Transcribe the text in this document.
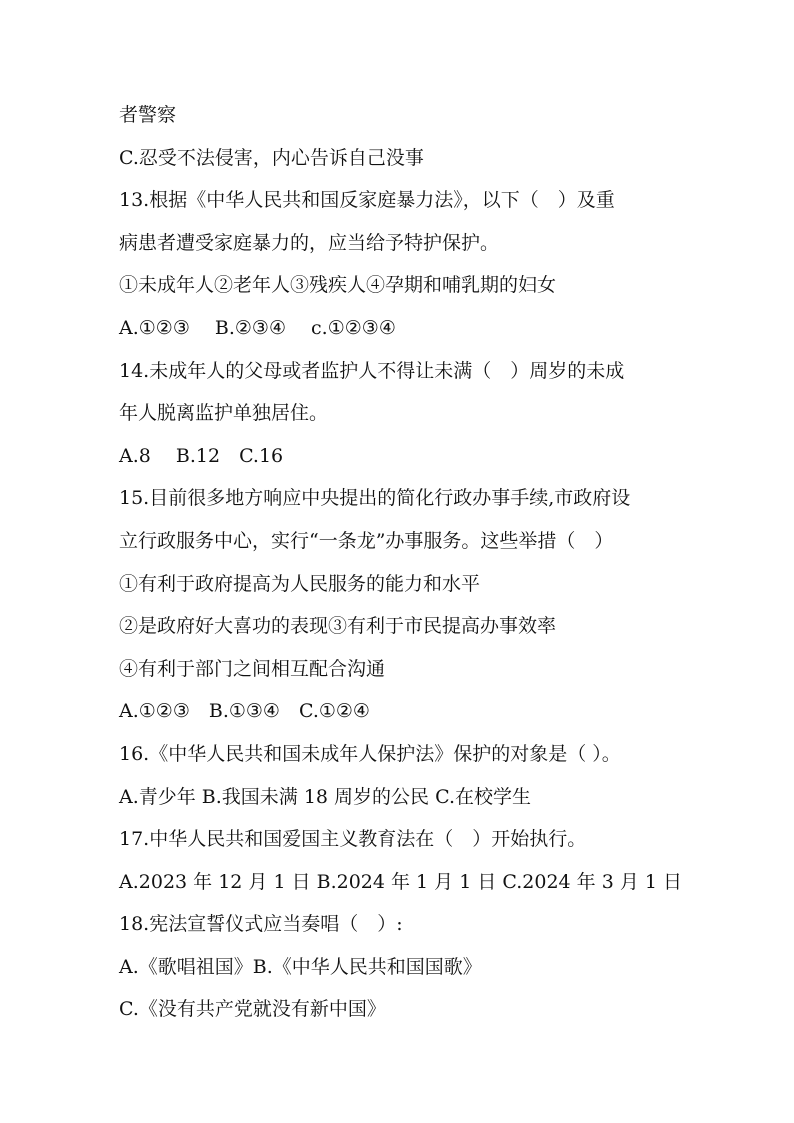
者警察
C.忍受不法侵害，内心告诉自己没事
13.根据《中华人民共和国反家庭暴力法》，以下（　）及重
病患者遭受家庭暴力的，应当给予特护保护。
①未成年人②老年人③残疾人④孕期和哺乳期的妇女
A.①②③　 B.②③④　 c.①②③④
14.未成年人的父母或者监护人不得让未满（　）周岁的未成
年人脱离监护单独居住。
A.8　 B.12　C.16
15.目前很多地方响应中央提出的简化行政办事手续,市政府设
立行政服务中心，实行“一条龙”办事服务。这些举措（　）
①有利于政府提高为人民服务的能力和水平
②是政府好大喜功的表现③有利于市民提高办事效率
④有利于部门之间相互配合沟通
A.①②③　B.①③④　C.①②④
16.《中华人民共和国未成年人保护法》保护的对象是（ ）。
A.青少年 B.我国未满 18 周岁的公民 C.在校学生
17.中华人民共和国爱国主义教育法在（　）开始执行。
A.2023 年 12 月 1 日 B.2024 年 1 月 1 日 C.2024 年 3 月 1 日
18.宪法宣誓仪式应当奏唱（　）:
A.《歌唱祖国》B.《中华人民共和国国歌》
C.《没有共产党就没有新中国》
